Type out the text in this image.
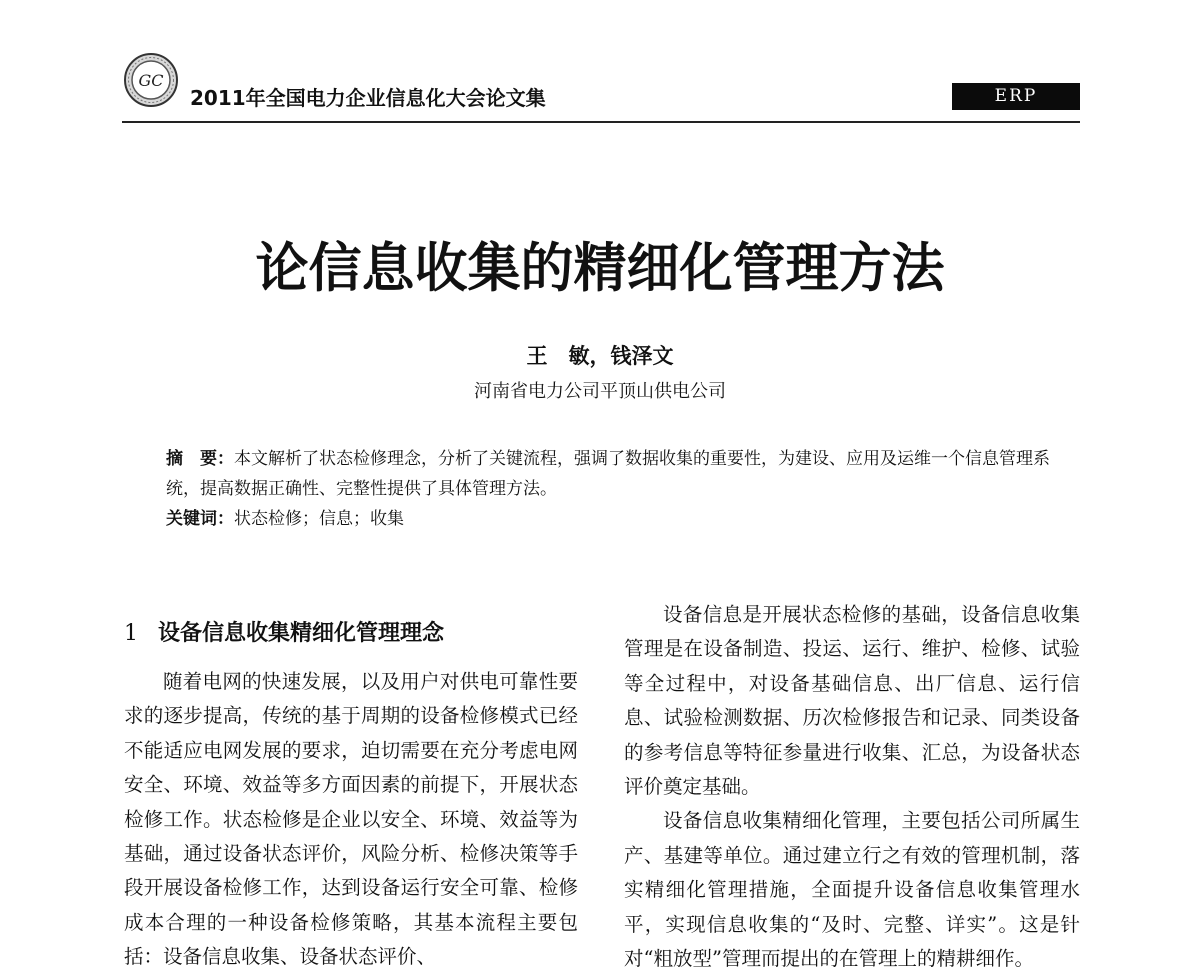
GC
2011年全国电力企业信息化大会论文集	ERP
论信息收集的精细化管理方法
王　敏，钱泽文
河南省电力公司平顶山供电公司
摘　要：本文解析了状态检修理念，分析了关键流程，强调了数据收集的重要性，为建设、应用及运维一个信息管理系统，提高数据正确性、完整性提供了具体管理方法。
关键词：状态检修；信息；收集
1 设备信息收集精细化管理理念

随着电网的快速发展，以及用户对供电可靠性要求的逐步提高，传统的基于周期的设备检修模式已经不能适应电网发展的要求，迫切需要在充分考虑电网安全、环境、效益等多方面因素的前提下，开展状态检修工作。状态检修是企业以安全、环境、效益等为基础，通过设备状态评价，风险分析、检修决策等手段开展设备检修工作，达到设备运行安全可靠、检修成本合理的一种设备检修策略，其基本流程主要包括：设备信息收集、设备状态评价、

设备信息是开展状态检修的基础，设备信息收集管理是在设备制造、投运、运行、维护、检修、试验等全过程中，对设备基础信息、出厂信息、运行信息、试验检测数据、历次检修报告和记录、同类设备的参考信息等特征参量进行收集、汇总，为设备状态评价奠定基础。

设备信息收集精细化管理，主要包括公司所属生产、基建等单位。通过建立行之有效的管理机制，落实精细化管理措施，全面提升设备信息收集管理水平，实现信息收集的“及时、完整、详实”。这是针对“粗放型”管理而提出的在管理上的精耕细作。
